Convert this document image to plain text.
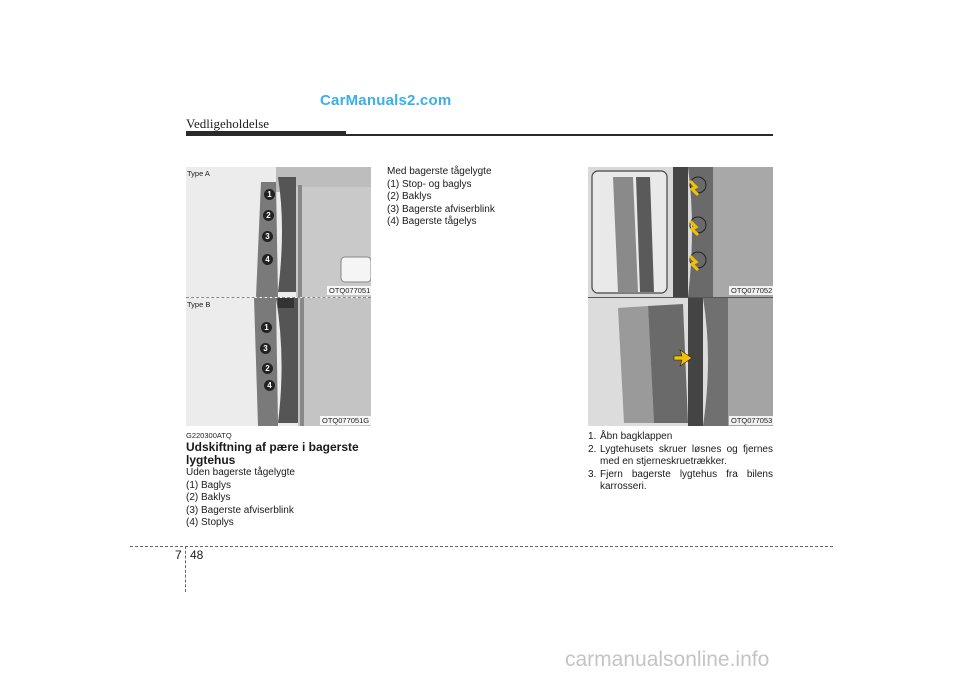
CarManuals2.com
Vedligeholdelse
1
2
3
4
Type A
OTQ077051
1
3
2
4
Type B
OTQ077051G
G220300ATQ
Udskiftning af pære i bagerste lygtehus
Uden bagerste tågelygte
(1) Baglys
(2) Baklys
(3) Bagerste afviserblink
(4) Stoplys
Med bagerste tågelygte
(1) Stop- og baglys
(2) Baklys
(3) Bagerste afviserblink
(4) Bagerste tågelys
OTQ077052
OTQ077053
1. Åbn bagklappen
2. Lygtehusets skruer løsnes og fjernes med en stjerneskruetrækker.
3. Fjern bagerste lygtehus fra bilens karrosseri.
7 48
carmanualsonline.info
